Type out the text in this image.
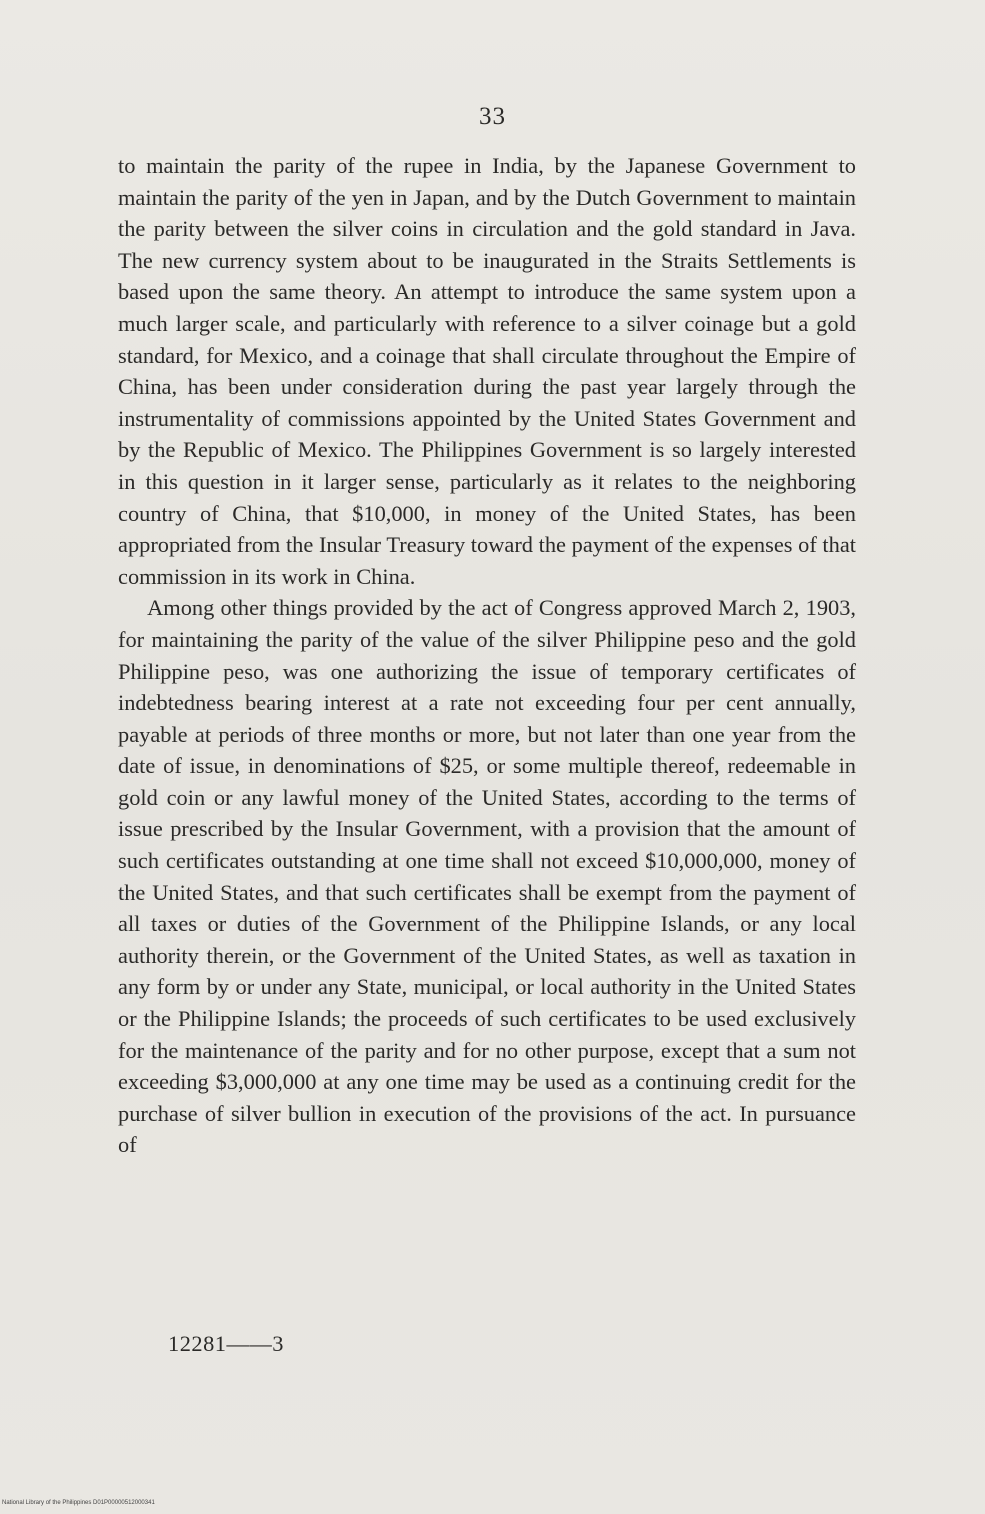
33

to maintain the parity of the rupee in India, by the Japanese Government to maintain the parity of the yen in Japan, and by the Dutch Government to maintain the parity between the silver coins in circulation and the gold standard in Java. The new currency system about to be inaugurated in the Straits Settlements is based upon the same theory. An attempt to introduce the same system upon a much larger scale, and particularly with reference to a silver coinage but a gold standard, for Mexico, and a coinage that shall circulate throughout the Empire of China, has been under consideration during the past year largely through the instrumentality of commissions appointed by the United States Government and by the Republic of Mexico. The Philippines Government is so largely interested in this question in it larger sense, particularly as it relates to the neighboring country of China, that $10,000, in money of the United States, has been appropriated from the Insular Treasury toward the payment of the expenses of that commission in its work in China.

Among other things provided by the act of Congress approved March 2, 1903, for maintaining the parity of the value of the silver Philippine peso and the gold Philippine peso, was one authorizing the issue of temporary certificates of indebtedness bearing interest at a rate not exceeding four per cent annually, payable at periods of three months or more, but not later than one year from the date of issue, in denominations of $25, or some multiple thereof, redeemable in gold coin or any lawful money of the United States, according to the terms of issue prescribed by the Insular Government, with a provision that the amount of such certificates outstanding at one time shall not exceed $10,000,000, money of the United States, and that such certificates shall be exempt from the payment of all taxes or duties of the Government of the Philippine Islands, or any local authority therein, or the Government of the United States, as well as taxation in any form by or under any State, municipal, or local authority in the United States or the Philippine Islands; the proceeds of such certificates to be used exclusively for the maintenance of the parity and for no other purpose, except that a sum not exceeding $3,000,000 at any one time may be used as a continuing credit for the purchase of silver bullion in execution of the provisions of the act. In pursuance of

12281——3
National Library of the Philippines D01P00000512000341
